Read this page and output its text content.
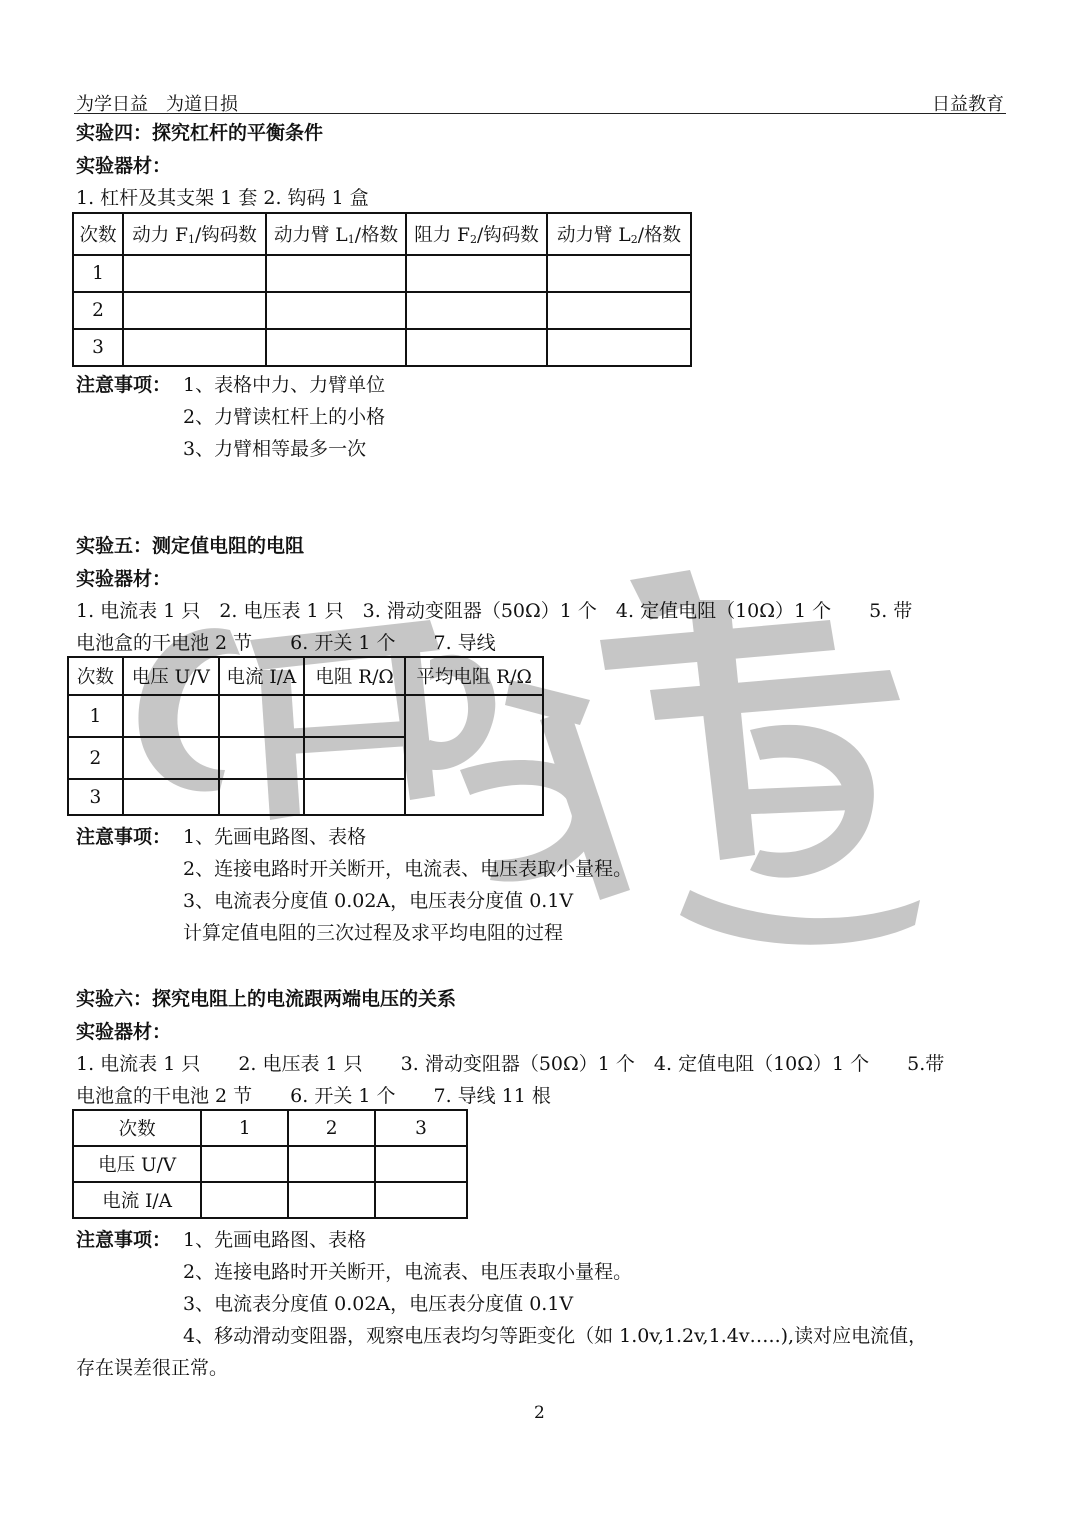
为学日益　为道日损	日益教育
实验四：探究杠杆的平衡条件
实验器材：
1. 杠杆及其支架 1 套 2. 钩码 1 盒
次数	动力 $F_1/$钩码数	动力臂 $L_1/$格数	阻力 $F_2/$钩码数	动力臂 $L_2/$格数
1				
2				
3				
注意事项： 1、表格中力、力臂单位
2、力臂读杠杆上的小格
3、力臂相等最多一次
实验五：测定值电阻的电阻
实验器材：
1. 电流表 1 只　2. 电压表 1 只　3. 滑动变阻器（50Ω）1 个　4. 定值电阻（10Ω）1 个　　5. 带
电池盒的干电池 2 节　　6. 开关 1 个　　7. 导线
次数	电压 U/V	电流 I/A	电阻 R/Ω	平均电阻 R/Ω
1				
2				
3				
注意事项： 1、先画电路图、表格
2、连接电路时开关断开，电流表、电压表取小量程。
3、电流表分度值 0.02A，电压表分度值 0.1V
计算定值电阻的三次过程及求平均电阻的过程
实验六：探究电阻上的电流跟两端电压的关系
实验器材：
1. 电流表 1 只　　2. 电压表 1 只　　3. 滑动变阻器（50Ω）1 个　4. 定值电阻（10Ω）1 个　　5.带
电池盒的干电池 2 节　　6. 开关 1 个　　7. 导线 11 根
次数	1	2	3
电压 U/V			
电流 I/A			
注意事项： 1、先画电路图、表格
2、连接电路时开关断开，电流表、电压表取小量程。
3、电流表分度值 0.02A，电压表分度值 0.1V
4、移动滑动变阻器，观察电压表均匀等距变化（如 1.0v,1.2v,1.4v…..),读对应电流值，
存在误差很正常。
2
